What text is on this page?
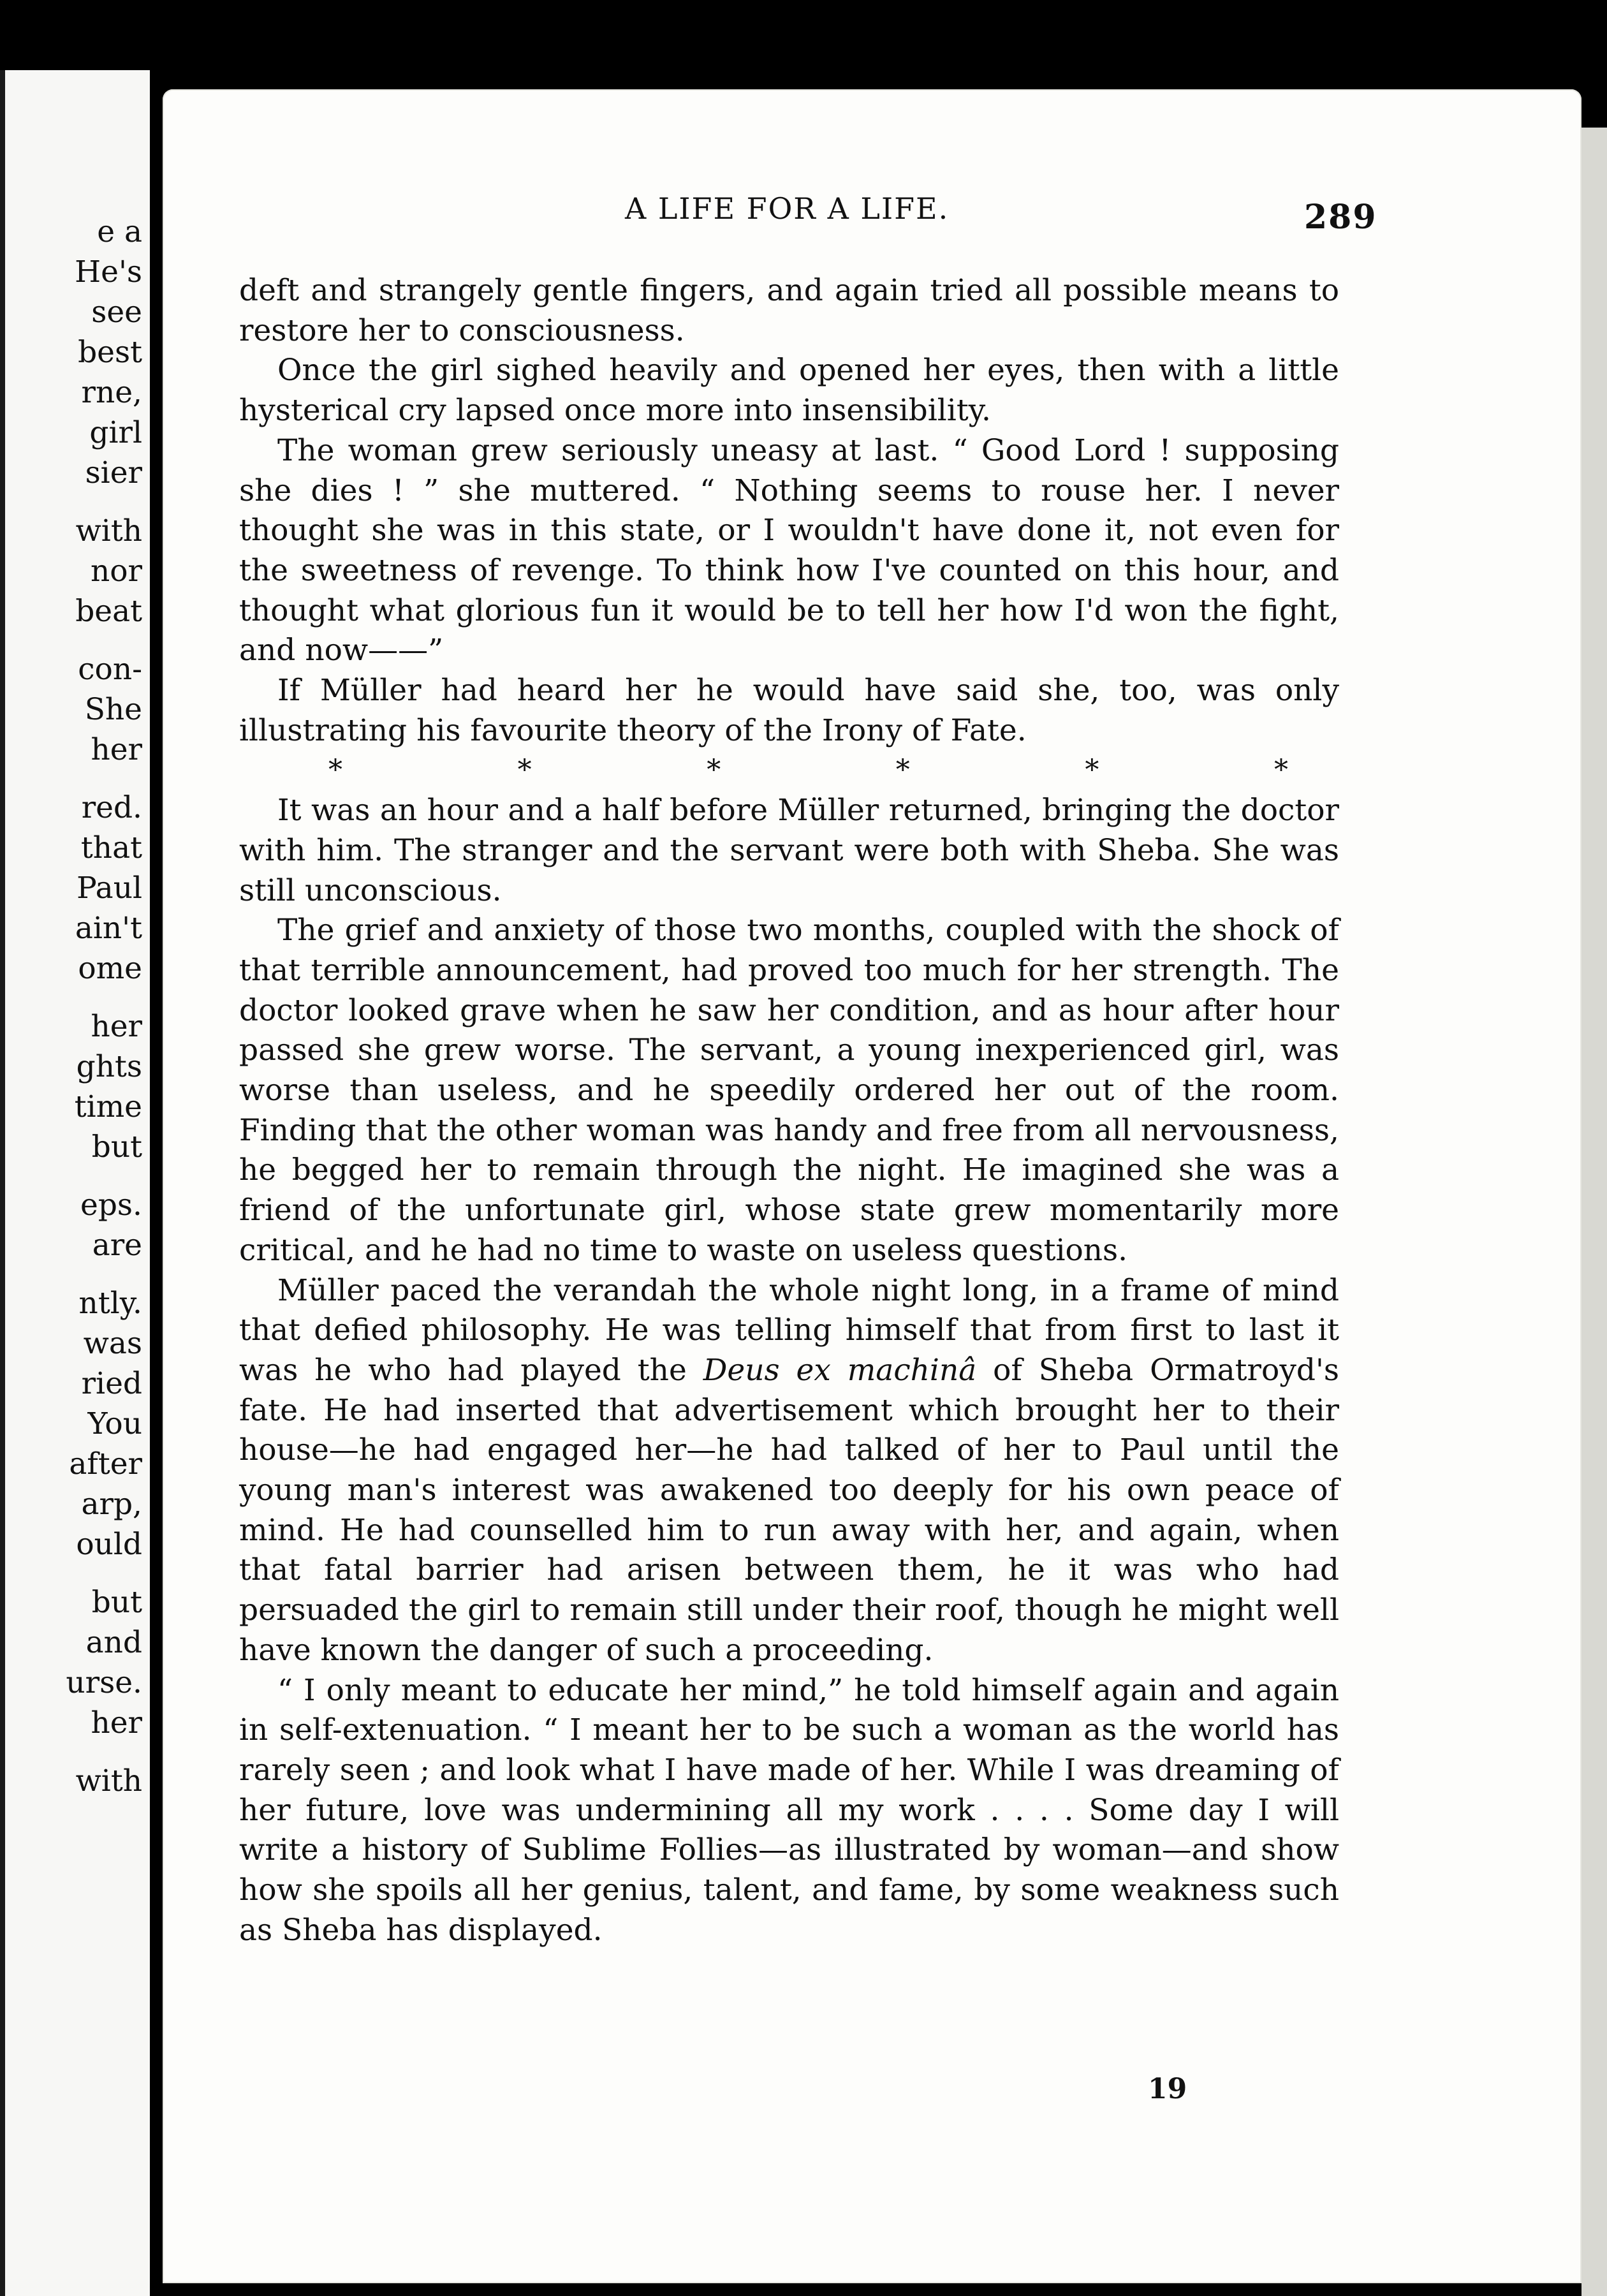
e a
He's
see
best
rne,
girl
sier
with
nor
beat
con-
She
her
red.
that
Paul
ain't
ome
her
ghts
time
but
eps.
are
ntly.
was
ried
You
after
arp,
ould
but
and
urse.
her
with
A LIFE FOR A LIFE.	289

deft and strangely gentle fingers, and again tried all possible means to restore her to consciousness.

Once the girl sighed heavily and opened her eyes, then with a little hysterical cry lapsed once more into insensibility.

The woman grew seriously uneasy at last. “ Good Lord ! supposing she dies ! ” she muttered. “ Nothing seems to rouse her. I never thought she was in this state, or I wouldn't have done it, not even for the sweetness of revenge. To think how I've counted on this hour, and thought what glorious fun it would be to tell her how I'd won the fight, and now——”

If Müller had heard her he would have said she, too, was only illustrating his favourite theory of the Irony of Fate.

*	*	*	*	*	*

It was an hour and a half before Müller returned, bringing the doctor with him. The stranger and the servant were both with Sheba. She was still unconscious.

The grief and anxiety of those two months, coupled with the shock of that terrible announcement, had proved too much for her strength. The doctor looked grave when he saw her condition, and as hour after hour passed she grew worse. The servant, a young inexperienced girl, was worse than useless, and he speedily ordered her out of the room. Finding that the other woman was handy and free from all nervousness, he begged her to remain through the night. He imagined she was a friend of the unfortunate girl, whose state grew momentarily more critical, and he had no time to waste on useless questions.

Müller paced the verandah the whole night long, in a frame of mind that defied philosophy. He was telling himself that from first to last it was he who had played the Deus ex machinâ of Sheba Ormatroyd's fate. He had inserted that advertisement which brought her to their house—he had engaged her—he had talked of her to Paul until the young man's interest was awakened too deeply for his own peace of mind. He had counselled him to run away with her, and again, when that fatal barrier had arisen between them, he it was who had persuaded the girl to remain still under their roof, though he might well have known the danger of such a proceeding.

“ I only meant to educate her mind,” he told himself again and again in self-extenuation. “ I meant her to be such a woman as the world has rarely seen ; and look what I have made of her. While I was dreaming of her future, love was undermining all my work . . . . Some day I will write a history of Sublime Follies—as illustrated by woman—and show how she spoils all her genius, talent, and fame, by some weakness such as Sheba has displayed.

19
